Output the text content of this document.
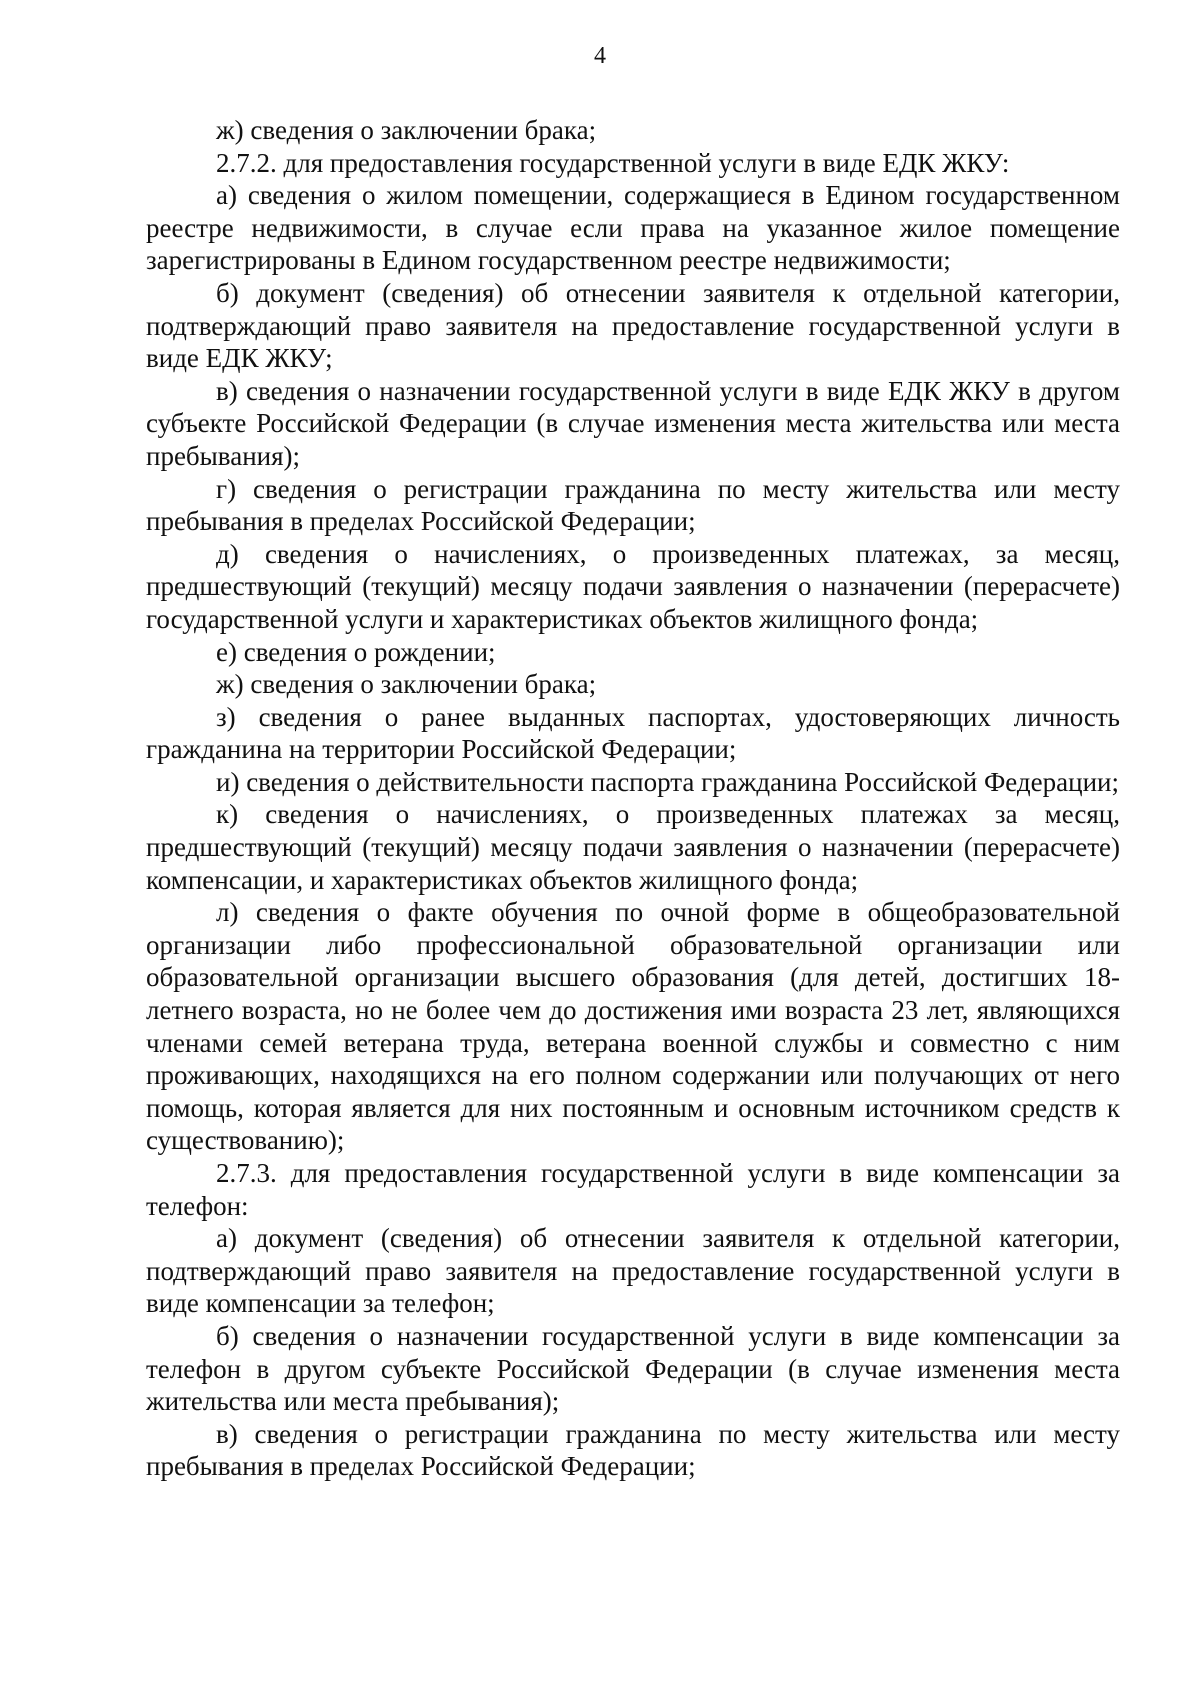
4

ж) сведения о заключении брака;

2.7.2. для предоставления государственной услуги в виде ЕДК ЖКУ:

а) сведения о жилом помещении, содержащиеся в Едином государственном реестре недвижимости, в случае если права на указанное жилое помещение зарегистрированы в Едином государственном реестре недвижимости;

б) документ (сведения) об отнесении заявителя к отдельной категории, подтверждающий право заявителя на предоставление государственной услуги в виде ЕДК ЖКУ;

в) сведения о назначении государственной услуги в виде ЕДК ЖКУ в другом субъекте Российской Федерации (в случае изменения места жительства или места пребывания);

г) сведения о регистрации гражданина по месту жительства или месту пребывания в пределах Российской Федерации;

д) сведения о начислениях, о произведенных платежах, за месяц, предшествующий (текущий) месяцу подачи заявления о назначении (перерасчете) государственной услуги и характеристиках объектов жилищного фонда;

е) сведения о рождении;

ж) сведения о заключении брака;

з) сведения о ранее выданных паспортах, удостоверяющих личность гражданина на территории Российской Федерации;

и) сведения о действительности паспорта гражданина Российской Федерации;

к) сведения о начислениях, о произведенных платежах за месяц, предшествующий (текущий) месяцу подачи заявления о назначении (перерасчете) компенсации, и характеристиках объектов жилищного фонда;

л) сведения о факте обучения по очной форме в общеобразовательной организации либо профессиональной образовательной организации или образовательной организации высшего образования (для детей, достигших 18-летнего возраста, но не более чем до достижения ими возраста 23 лет, являющихся членами семей ветерана труда, ветерана военной службы и совместно с ним проживающих, находящихся на его полном содержании или получающих от него помощь, которая является для них постоянным и основным источником средств к существованию);

2.7.3. для предоставления государственной услуги в виде компенсации за телефон:

а) документ (сведения) об отнесении заявителя к отдельной категории, подтверждающий право заявителя на предоставление государственной услуги в виде компенсации за телефон;

б) сведения о назначении государственной услуги в виде компенсации за телефон в другом субъекте Российской Федерации (в случае изменения места жительства или места пребывания);

в) сведения о регистрации гражданина по месту жительства или месту пребывания в пределах Российской Федерации;
